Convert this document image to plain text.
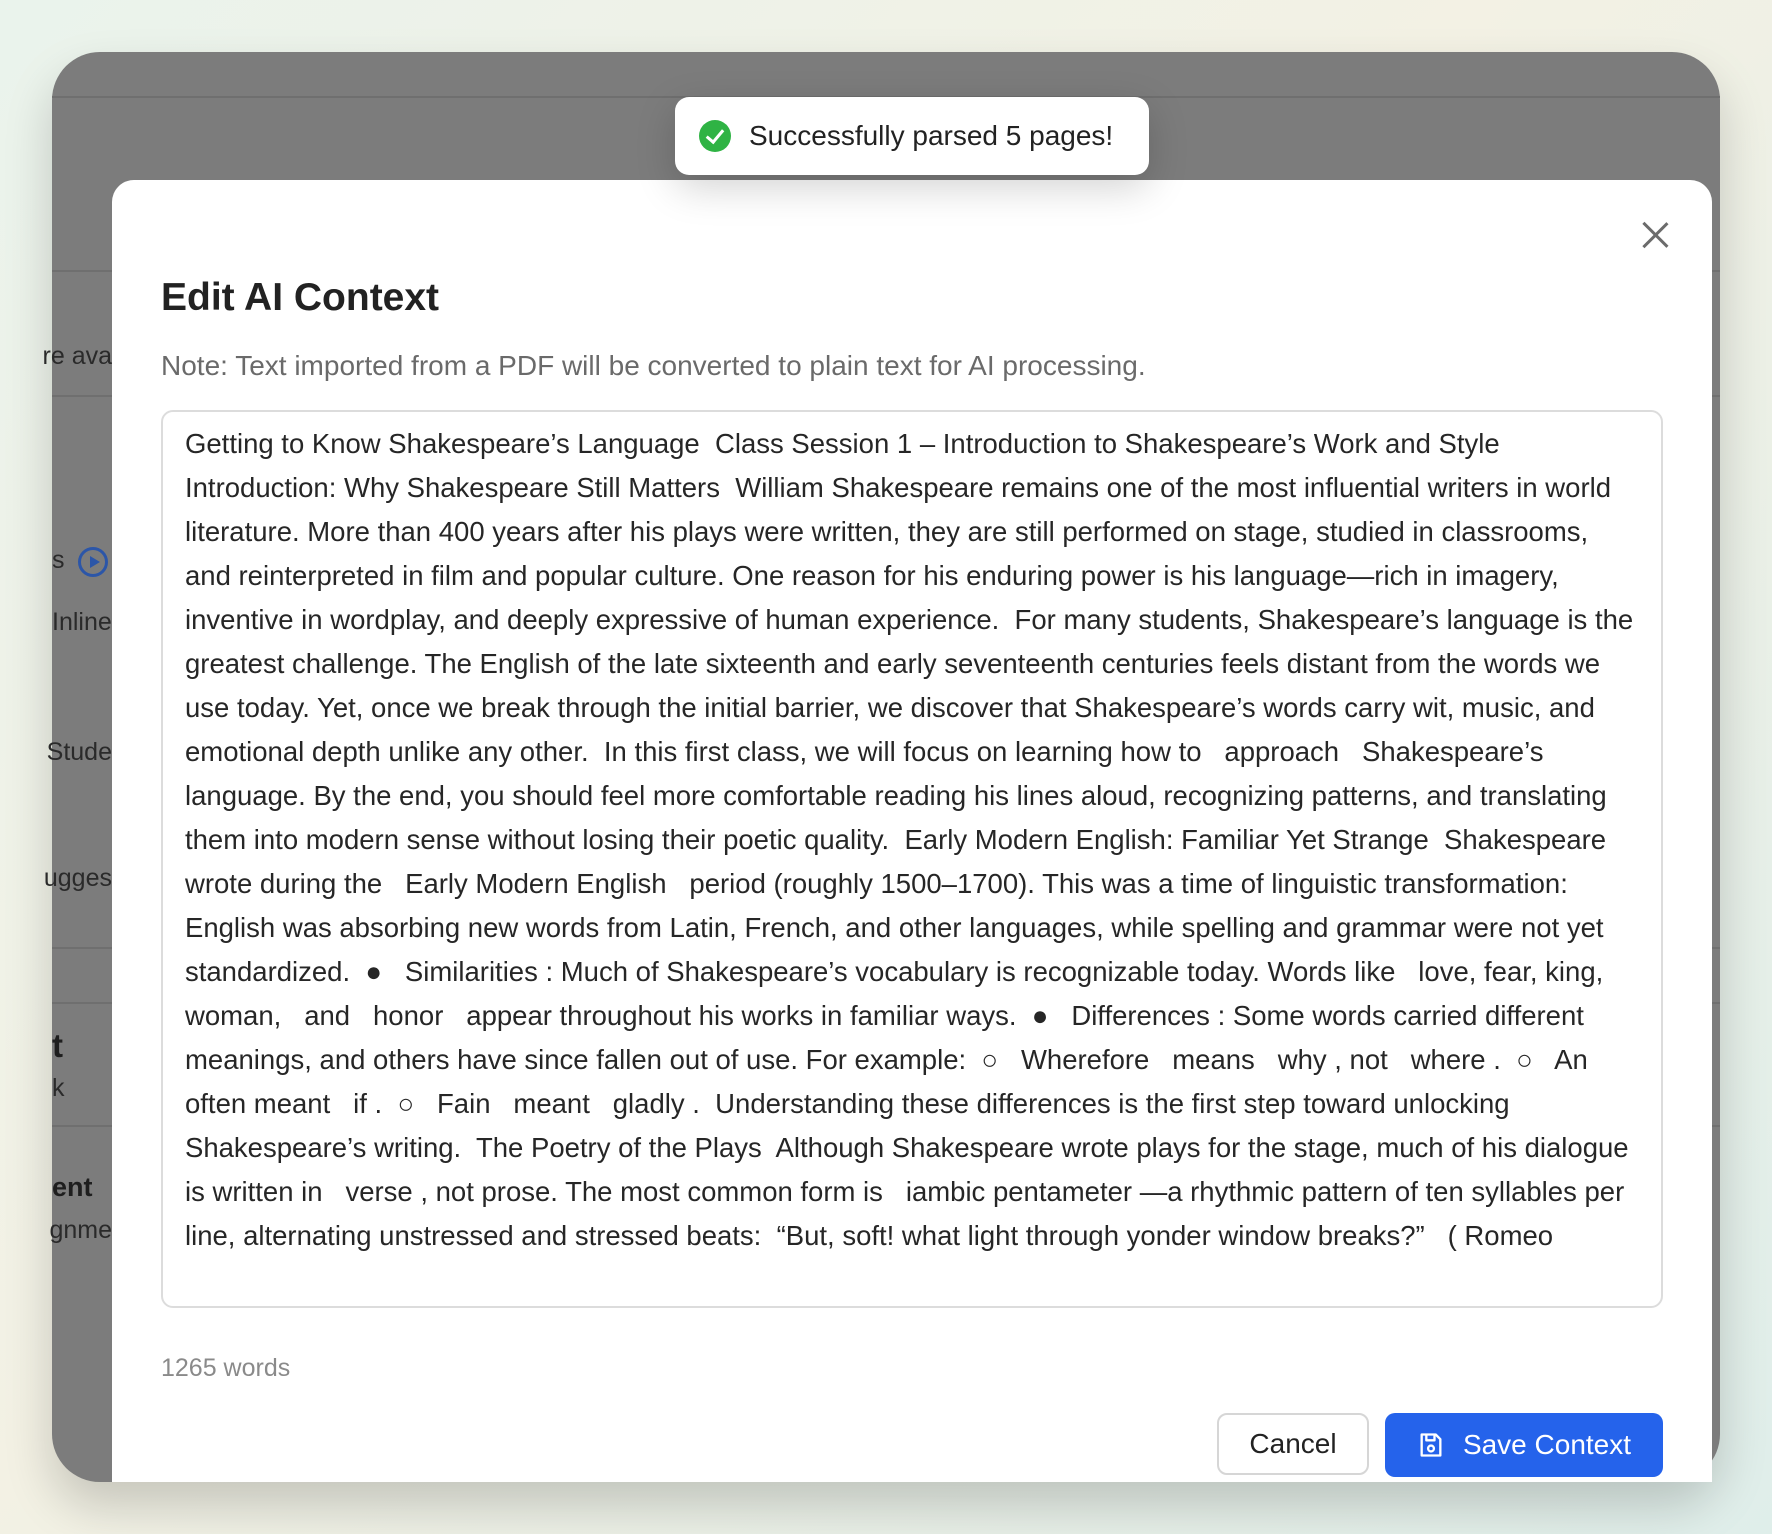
re ava
s
Inline
Stude
ugges
t
k
ent
gnme
Edit AI Context
Note: Text imported from a PDF will be converted to plain text for AI processing.
Getting to Know Shakespeare’s Language  Class Session 1 – Introduction to Shakespeare’s Work and Style  Introduction: Why Shakespeare Still Matters  William Shakespeare remains one of the most influential writers in world literature. More than 400 years after his plays were written, they are still performed on stage, studied in classrooms, and reinterpreted in film and popular culture. One reason for his enduring power is his language—rich in imagery, inventive in wordplay, and deeply expressive of human experience.  For many students, Shakespeare’s language is the greatest challenge. The English of the late sixteenth and early seventeenth centuries feels distant from the words we use today. Yet, once we break through the initial barrier, we discover that Shakespeare’s words carry wit, music, and emotional depth unlike any other.  In this first class, we will focus on learning how to   approach   Shakespeare’s language. By the end, you should feel more comfortable reading his lines aloud, recognizing patterns, and translating them into modern sense without losing their poetic quality.  Early Modern English: Familiar Yet Strange  Shakespeare wrote during the   Early Modern English   period (roughly 1500–1700). This was a time of linguistic transformation: English was absorbing new words from Latin, French, and other languages, while spelling and grammar were not yet standardized.  ●   Similarities : Much of Shakespeare’s vocabulary is recognizable today. Words like   love, fear, king, woman,   and   honor   appear throughout his works in familiar ways.  ●   Differences : Some words carried different meanings, and others have since fallen out of use. For example:  ○   Wherefore   means   why , not   where .  ○   An   often meant   if .  ○   Fain   meant   gladly .  Understanding these differences is the first step toward unlocking Shakespeare’s writing.  The Poetry of the Plays  Although Shakespeare wrote plays for the stage, much of his dialogue is written in   verse , not prose. The most common form is   iambic pentameter —a rhythmic pattern of ten syllables per line, alternating unstressed and stressed beats:  “But, soft! what light through yonder window breaks?”   ( Romeo
1265 words
Cancel	Save Context
Successfully parsed 5 pages!
